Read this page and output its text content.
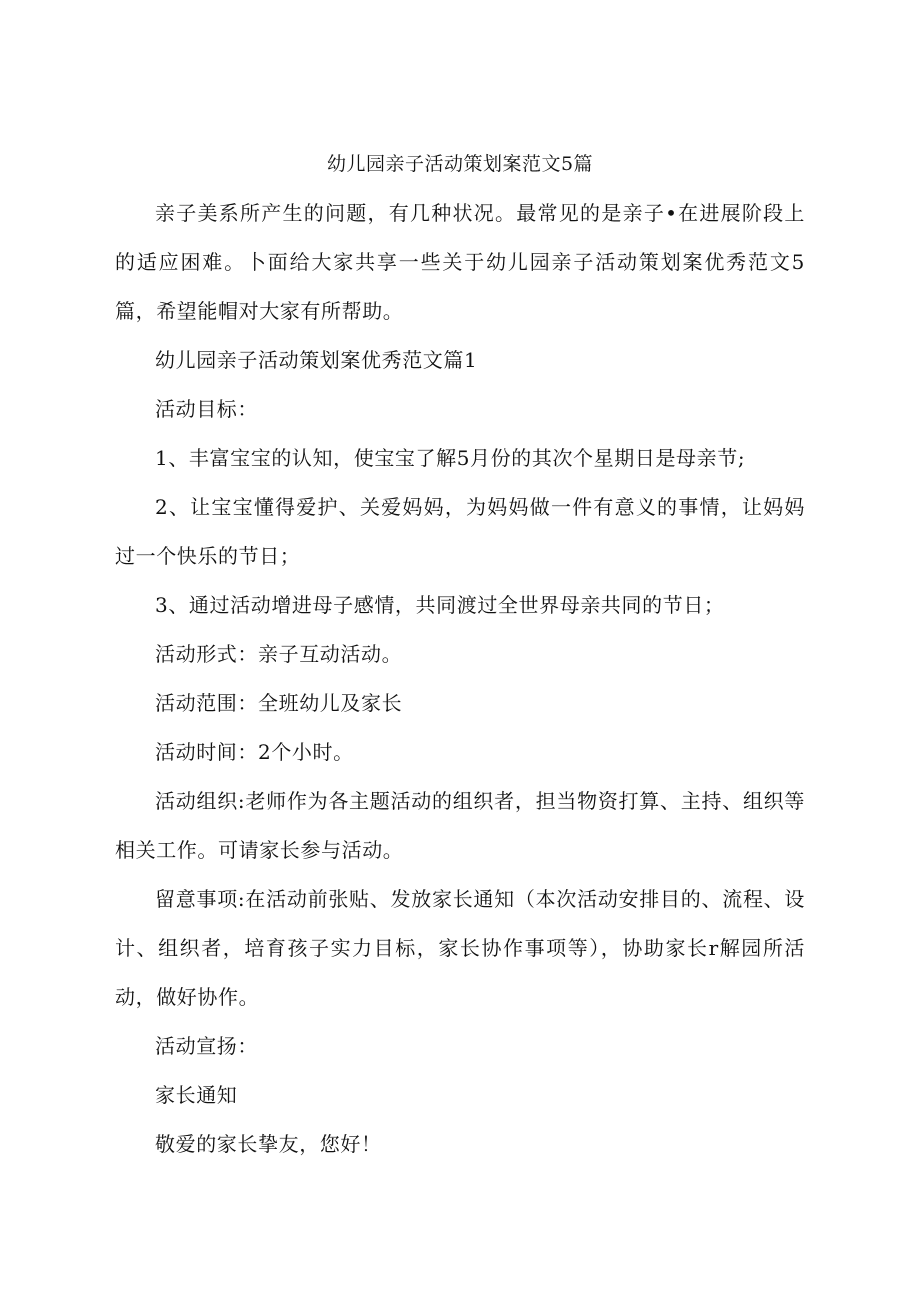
幼儿园亲子活动策划案范文5篇

亲子美系所产生的问题，有几种状况。最常见的是亲子•在进展阶段上的适应困难。卜面给大家共享一些关于幼儿园亲子活动策划案优秀范文5篇，希望能帽对大家有所帮助。

幼儿园亲子活动策划案优秀范文篇1

活动目标：

1、丰富宝宝的认知，使宝宝了解5月份的其次个星期日是母亲节;

2、让宝宝懂得爱护、关爱妈妈，为妈妈做一件有意义的事情，让妈妈过一个快乐的节日；

3、通过活动增进母子感情，共同渡过全世界母亲共同的节日；

活动形式：亲子互动活动。

活动范围：全班幼儿及家长

活动时间：2个小时。

活动组织:老师作为各主题活动的组织者，担当物资打算、主持、组织等相关工作。可请家长参与活动。

留意事项:在活动前张贴、发放家长通知（本次活动安排目的、流程、设计、组织者，培育孩子实力目标，家长协作事项等），协助家长r解园所活动，做好协作。

活动宣扬：

家长通知

敬爱的家长挚友，您好！
